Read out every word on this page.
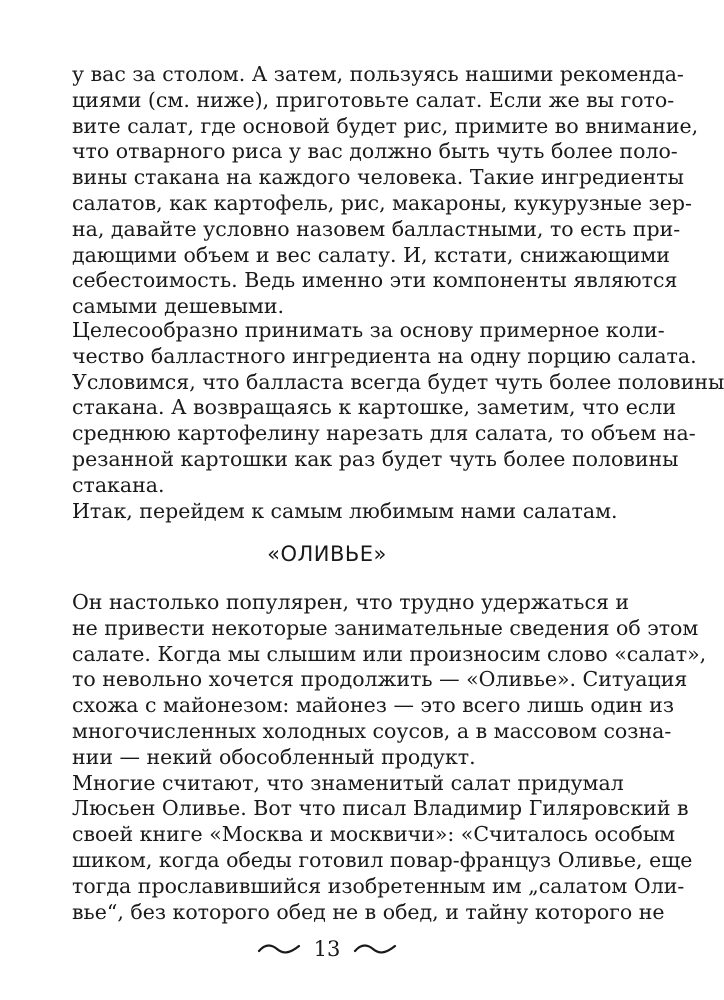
у вас за столом. А затем, пользуясь нашими рекоменда-
циями (см. ниже), приготовьте салат. Если же вы гото-
вите салат, где основой будет рис, примите во внимание,
что отварного риса у вас должно быть чуть более поло-
вины стакана на каждого человека. Такие ингредиенты
салатов, как картофель, рис, макароны, кукурузные зер-
на, давайте условно назовем балластными, то есть при-
дающими объем и вес салату. И, кстати, снижающими
себестоимость. Ведь именно эти компоненты являются
самыми дешевыми.
Целесообразно принимать за основу примерное коли-
чество балластного ингредиента на одну порцию салата.
Условимся, что балласта всегда будет чуть более половины
стакана. А возвращаясь к картошке, заметим, что если
среднюю картофелину нарезать для салата, то объем на-
резанной картошки как раз будет чуть более половины
стакана.
Итак, перейдем к самым любимым нами салатам.
«ОЛИВЬЕ»
Он настолько популярен, что трудно удержаться и
не привести некоторые занимательные сведения об этом
салате. Когда мы слышим или произносим слово «салат»,
то невольно хочется продолжить — «Оливье». Ситуация
схожа с майонезом: майонез — это всего лишь один из
многочисленных холодных соусов, а в массовом созна-
нии — некий обособленный продукт.
Многие считают, что знаменитый салат придумал
Люсьен Оливье. Вот что писал Владимир Гиляровский в
своей книге «Москва и москвичи»: «Считалось особым
шиком, когда обеды готовил повар-француз Оливье, еще
тогда прославившийся изобретенным им „салатом Оли-
вье“, без которого обед не в обед, и тайну которого не
13
